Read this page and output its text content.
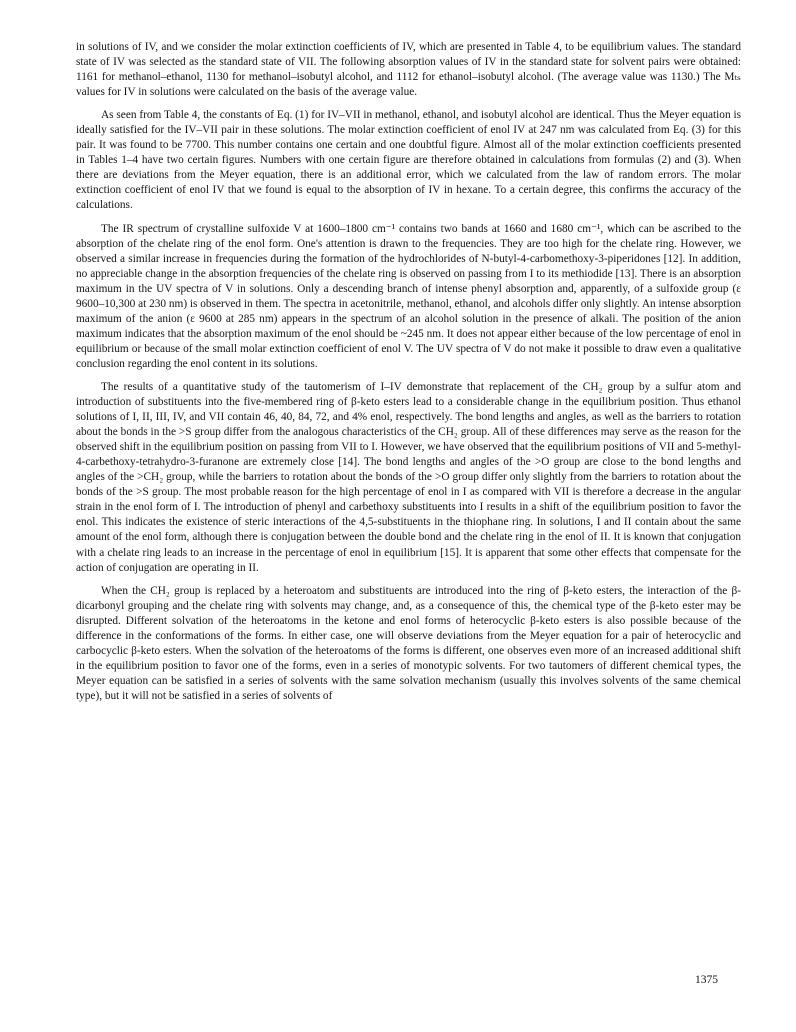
in solutions of IV, and we consider the molar extinction coefficients of IV, which are presented in Table 4, to be equilibrium values. The standard state of IV was selected as the standard state of VII. The following absorption values of IV in the standard state for solvent pairs were obtained: 1161 for methanol–ethanol, 1130 for methanol–isobutyl alcohol, and 1112 for ethanol–isobutyl alcohol. (The average value was 1130.) The Mₜₛ values for IV in solutions were calculated on the basis of the average value.

As seen from Table 4, the constants of Eq. (1) for IV–VII in methanol, ethanol, and isobutyl alcohol are identical. Thus the Meyer equation is ideally satisfied for the IV–VII pair in these solutions. The molar extinction coefficient of enol IV at 247 nm was calculated from Eq. (3) for this pair. It was found to be 7700. This number contains one certain and one doubtful figure. Almost all of the molar extinction coefficients presented in Tables 1–4 have two certain figures. Numbers with one certain figure are therefore obtained in calculations from formulas (2) and (3). When there are deviations from the Meyer equation, there is an additional error, which we calculated from the law of random errors. The molar extinction coefficient of enol IV that we found is equal to the absorption of IV in hexane. To a certain degree, this confirms the accuracy of the calculations.

The IR spectrum of crystalline sulfoxide V at 1600–1800 cm⁻¹ contains two bands at 1660 and 1680 cm⁻¹, which can be ascribed to the absorption of the chelate ring of the enol form. One's attention is drawn to the frequencies. They are too high for the chelate ring. However, we observed a similar increase in frequencies during the formation of the hydrochlorides of N-butyl-4-carbomethoxy-3-piperidones [12]. In addition, no appreciable change in the absorption frequencies of the chelate ring is observed on passing from I to its methiodide [13]. There is an absorption maximum in the UV spectra of V in solutions. Only a descending branch of intense phenyl absorption and, apparently, of a sulfoxide group (ε 9600–10,300 at 230 nm) is observed in them. The spectra in acetonitrile, methanol, ethanol, and alcohols differ only slightly. An intense absorption maximum of the anion (ε 9600 at 285 nm) appears in the spectrum of an alcohol solution in the presence of alkali. The position of the anion maximum indicates that the absorption maximum of the enol should be ~245 nm. It does not appear either because of the low percentage of enol in equilibrium or because of the small molar extinction coefficient of enol V. The UV spectra of V do not make it possible to draw even a qualitative conclusion regarding the enol content in its solutions.

The results of a quantitative study of the tautomerism of I–IV demonstrate that replacement of the CH₂ group by a sulfur atom and introduction of substituents into the five-membered ring of β-keto esters lead to a considerable change in the equilibrium position. Thus ethanol solutions of I, II, III, IV, and VII contain 46, 40, 84, 72, and 4% enol, respectively. The bond lengths and angles, as well as the barriers to rotation about the bonds in the >S group differ from the analogous characteristics of the CH₂ group. All of these differences may serve as the reason for the observed shift in the equilibrium position on passing from VII to I. However, we have observed that the equilibrium positions of VII and 5-methyl-4-carbethoxy-tetrahydro-3-furanone are extremely close [14]. The bond lengths and angles of the >O group are close to the bond lengths and angles of the >CH₂ group, while the barriers to rotation about the bonds of the >O group differ only slightly from the barriers to rotation about the bonds of the >S group. The most probable reason for the high percentage of enol in I as compared with VII is therefore a decrease in the angular strain in the enol form of I. The introduction of phenyl and carbethoxy substituents into I results in a shift of the equilibrium position to favor the enol. This indicates the existence of steric interactions of the 4,5-substituents in the thiophane ring. In solutions, I and II contain about the same amount of the enol form, although there is conjugation between the double bond and the chelate ring in the enol of II. It is known that conjugation with a chelate ring leads to an increase in the percentage of enol in equilibrium [15]. It is apparent that some other effects that compensate for the action of conjugation are operating in II.

When the CH₂ group is replaced by a heteroatom and substituents are introduced into the ring of β-keto esters, the interaction of the β-dicarbonyl grouping and the chelate ring with solvents may change, and, as a consequence of this, the chemical type of the β-keto ester may be disrupted. Different solvation of the heteroatoms in the ketone and enol forms of heterocyclic β-keto esters is also possible because of the difference in the conformations of the forms. In either case, one will observe deviations from the Meyer equation for a pair of heterocyclic and carbocyclic β-keto esters. When the solvation of the heteroatoms of the forms is different, one observes even more of an increased additional shift in the equilibrium position to favor one of the forms, even in a series of monotypic solvents. For two tautomers of different chemical types, the Meyer equation can be satisfied in a series of solvents with the same solvation mechanism (usually this involves solvents of the same chemical type), but it will not be satisfied in a series of solvents of

1375
